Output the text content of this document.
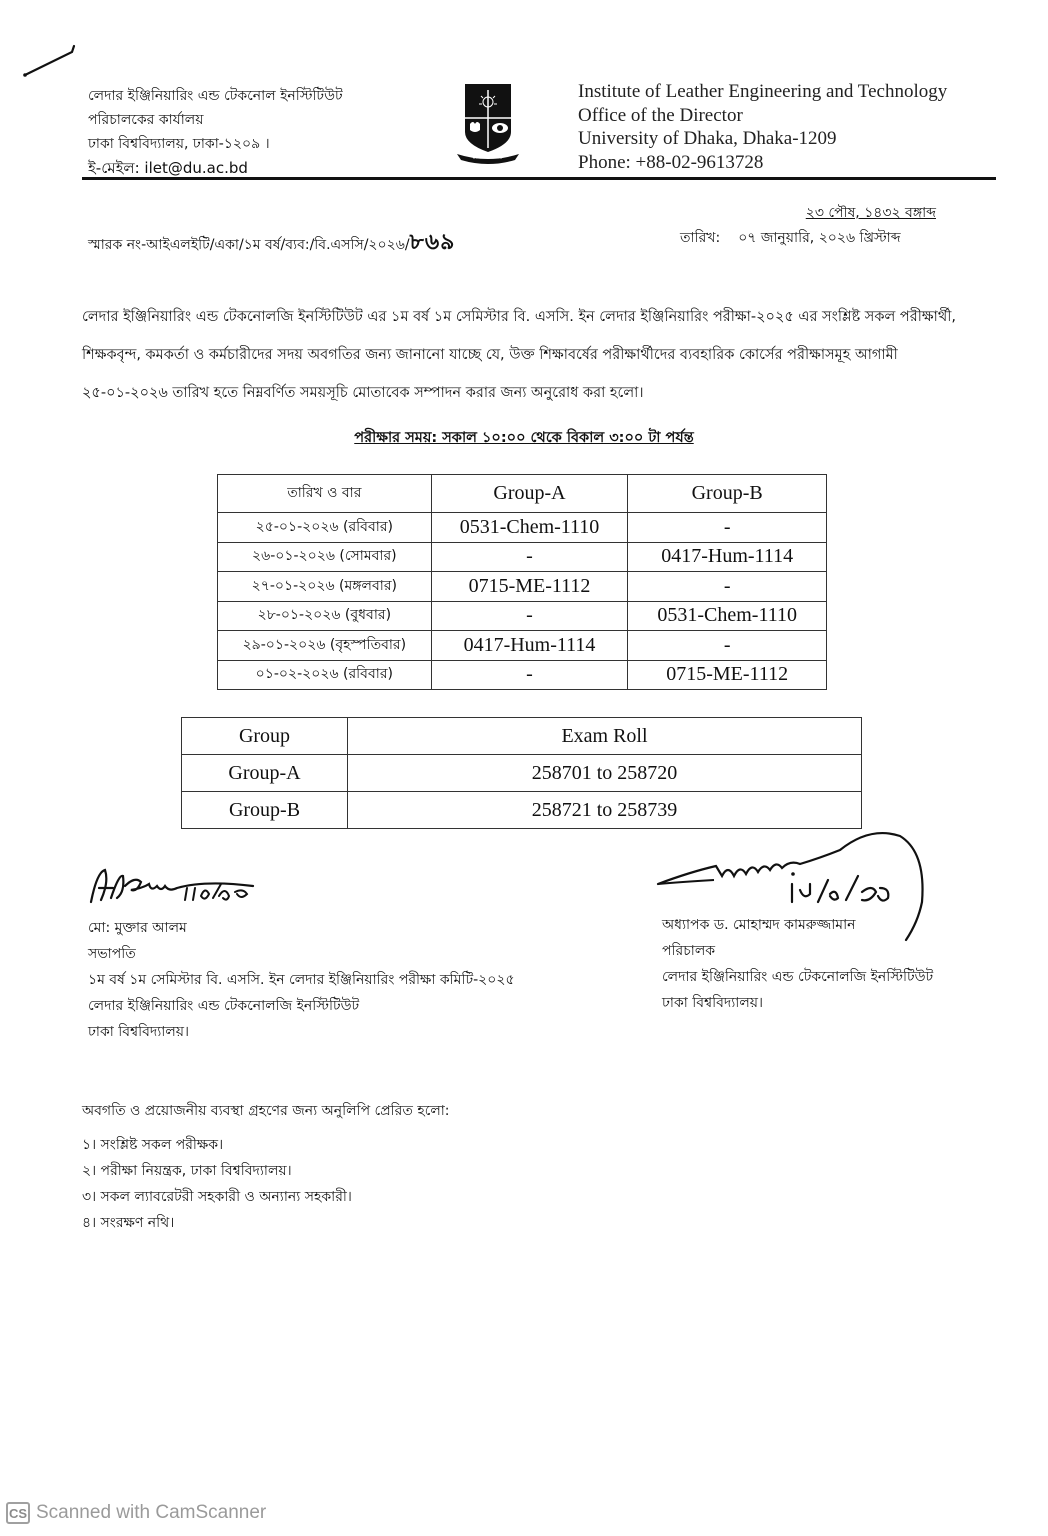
লেদার ইঞ্জিনিয়ারিং এন্ড টেকনোল ইনস্টিটিউট
পরিচালকের কার্যালয়
ঢাকা বিশ্ববিদ্যালয়, ঢাকা-১২০৯ ।
ই-মেইল: ilet@du.ac.bd
Institute of Leather Engineering and Technology
Office of the Director
University of Dhaka, Dhaka-1209
Phone: +88-02-9613728
স্মারক নং-আইএলইটি/একা/১ম বর্ষ/ব্যব:/বি.এসসি/২০২৬/৮৬৯
২৩ পৌষ, ১৪৩২ বঙ্গাব্দ
তারিখ: ০৭ জানুয়ারি, ২০২৬ খ্রিস্টাব্দ
লেদার ইঞ্জিনিয়ারিং এন্ড টেকনোলজি ইনস্টিটিউট এর ১ম বর্ষ ১ম সেমিস্টার বি. এসসি. ইন লেদার ইঞ্জিনিয়ারিং পরীক্ষা-২০২৫ এর সংশ্লিষ্ট সকল পরীক্ষার্থী, শিক্ষকবৃন্দ, কমকর্তা ও কর্মচারীদের সদয় অবগতির জন্য জানানো যাচ্ছে যে, উক্ত শিক্ষাবর্ষের পরীক্ষার্থীদের ব্যবহারিক কোর্সের পরীক্ষাসমূহ আগামী ২৫-০১-২০২৬ তারিখ হতে নিম্নবর্ণিত সময়সূচি মোতাবেক সম্পাদন করার জন্য অনুরোধ করা হলো।
পরীক্ষার সময়: সকাল ১০:০০ থেকে বিকাল ৩:০০ টা পর্যন্ত
তারিখ ও বার	Group-A	Group-B
২৫-০১-২০২৬ (রবিবার)	0531-Chem-1110	-
২৬-০১-২০২৬ (সোমবার)	-	0417-Hum-1114
২৭-০১-২০২৬ (মঙ্গলবার)	0715-ME-1112	-
২৮-০১-২০২৬ (বুধবার)	-	0531-Chem-1110
২৯-০১-২০২৬ (বৃহস্পতিবার)	0417-Hum-1114	-
০১-০২-২০২৬ (রবিবার)	-	0715-ME-1112
Group	Exam Roll
Group-A	258701 to 258720
Group-B	258721 to 258739
মো: মুক্তার আলম
সভাপতি
১ম বর্ষ ১ম সেমিস্টার বি. এসসি. ইন লেদার ইঞ্জিনিয়ারিং পরীক্ষা কমিটি-২০২৫
লেদার ইঞ্জিনিয়ারিং এন্ড টেকনোলজি ইনস্টিটিউট
ঢাকা বিশ্ববিদ্যালয়।
অধ্যাপক ড. মোহাম্মদ কামরুজ্জামান
পরিচালক
লেদার ইঞ্জিনিয়ারিং এন্ড টেকনোলজি ইনস্টিটিউট
ঢাকা বিশ্ববিদ্যালয়।
অবগতি ও প্রয়োজনীয় ব্যবস্থা গ্রহণের জন্য অনুলিপি প্রেরিত হলো:
১। সংশ্লিষ্ট সকল পরীক্ষক।
২। পরীক্ষা নিয়ন্ত্রক, ঢাকা বিশ্ববিদ্যালয়।
৩। সকল ল্যাবরেটরী সহকারী ও অন্যান্য সহকারী।
৪। সংরক্ষণ নথি।
CS Scanned with CamScanner
